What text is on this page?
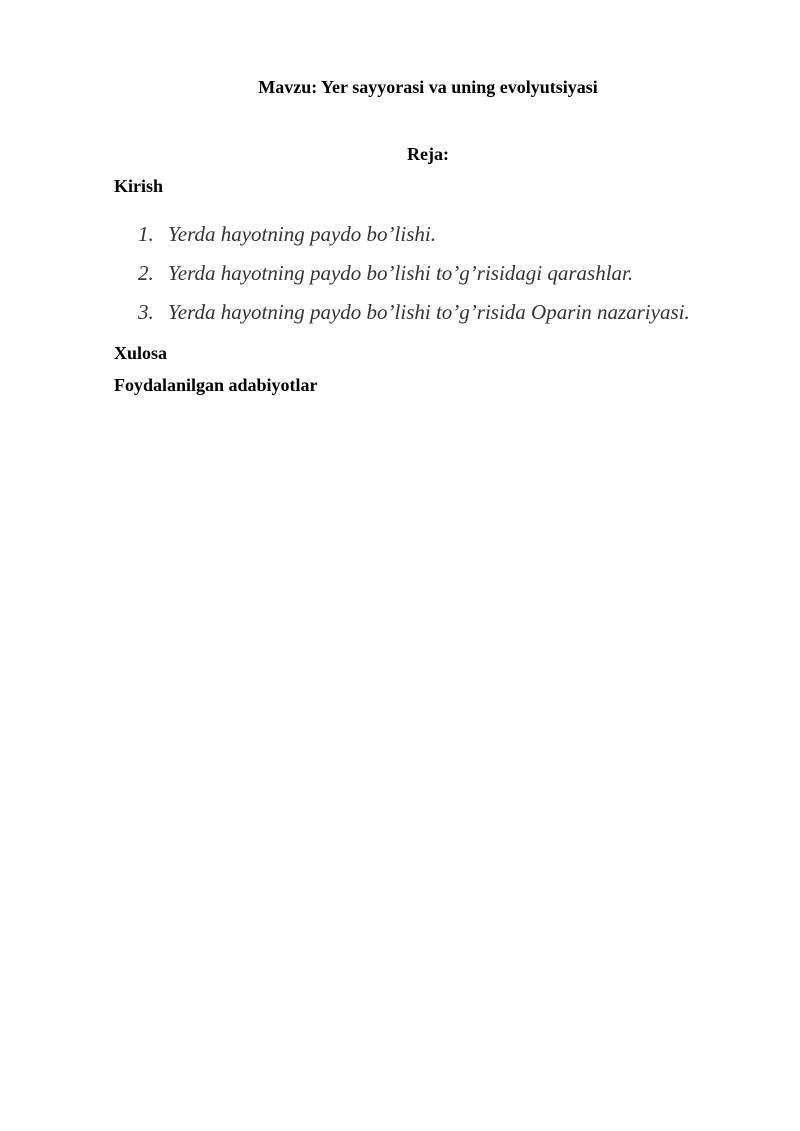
Mavzu: Yer sayyorasi va uning evolyutsiyasi
Reja:

Kirish

1. Yerda hayotning paydo bo’lishi.
2. Yerda hayotning paydo bo’lishi to’g’risidagi qarashlar.
3. Yerda hayotning paydo bo’lishi to’g’risida Oparin nazariyasi.

Xulosa

Foydalanilgan adabiyotlar
